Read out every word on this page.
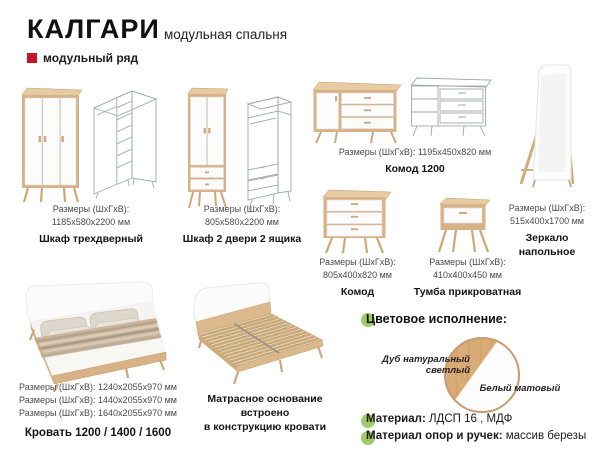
КАЛГАРИ модульная спальня
модульный ряд
Размеры (ШхГхВ):
1185х580х2200 мм
Шкаф трехдверный
Размеры (ШхГхВ):
805х580х2200 мм
Шкаф 2 двери 2 ящика
Размеры (ШхГхВ): 1195х450х820 мм
Комод 1200
Размеры (ШхГхВ):
515х400х1700 мм
Зеркало напольное
Размеры (ШхГхВ):
805х400х820 мм
Комод
Размеры (ШхГхВ):
410х400х450 мм
Тумба прикроватная
Размеры (ШхГхВ): 1240х2055х970 мм
Размеры (ШхГхВ): 1440х2055х970 мм
Размеры (ШхГхВ): 1640х2055х970 мм
Кровать 1200 / 1400 / 1600
Матрасное основание встроено
в конструкцию кровати
Цветовое исполнение:
Дуб натуральный светлый
Белый матовый
Материал: ЛДСП 16 , МДФ
Материал опор и ручек: массив березы
